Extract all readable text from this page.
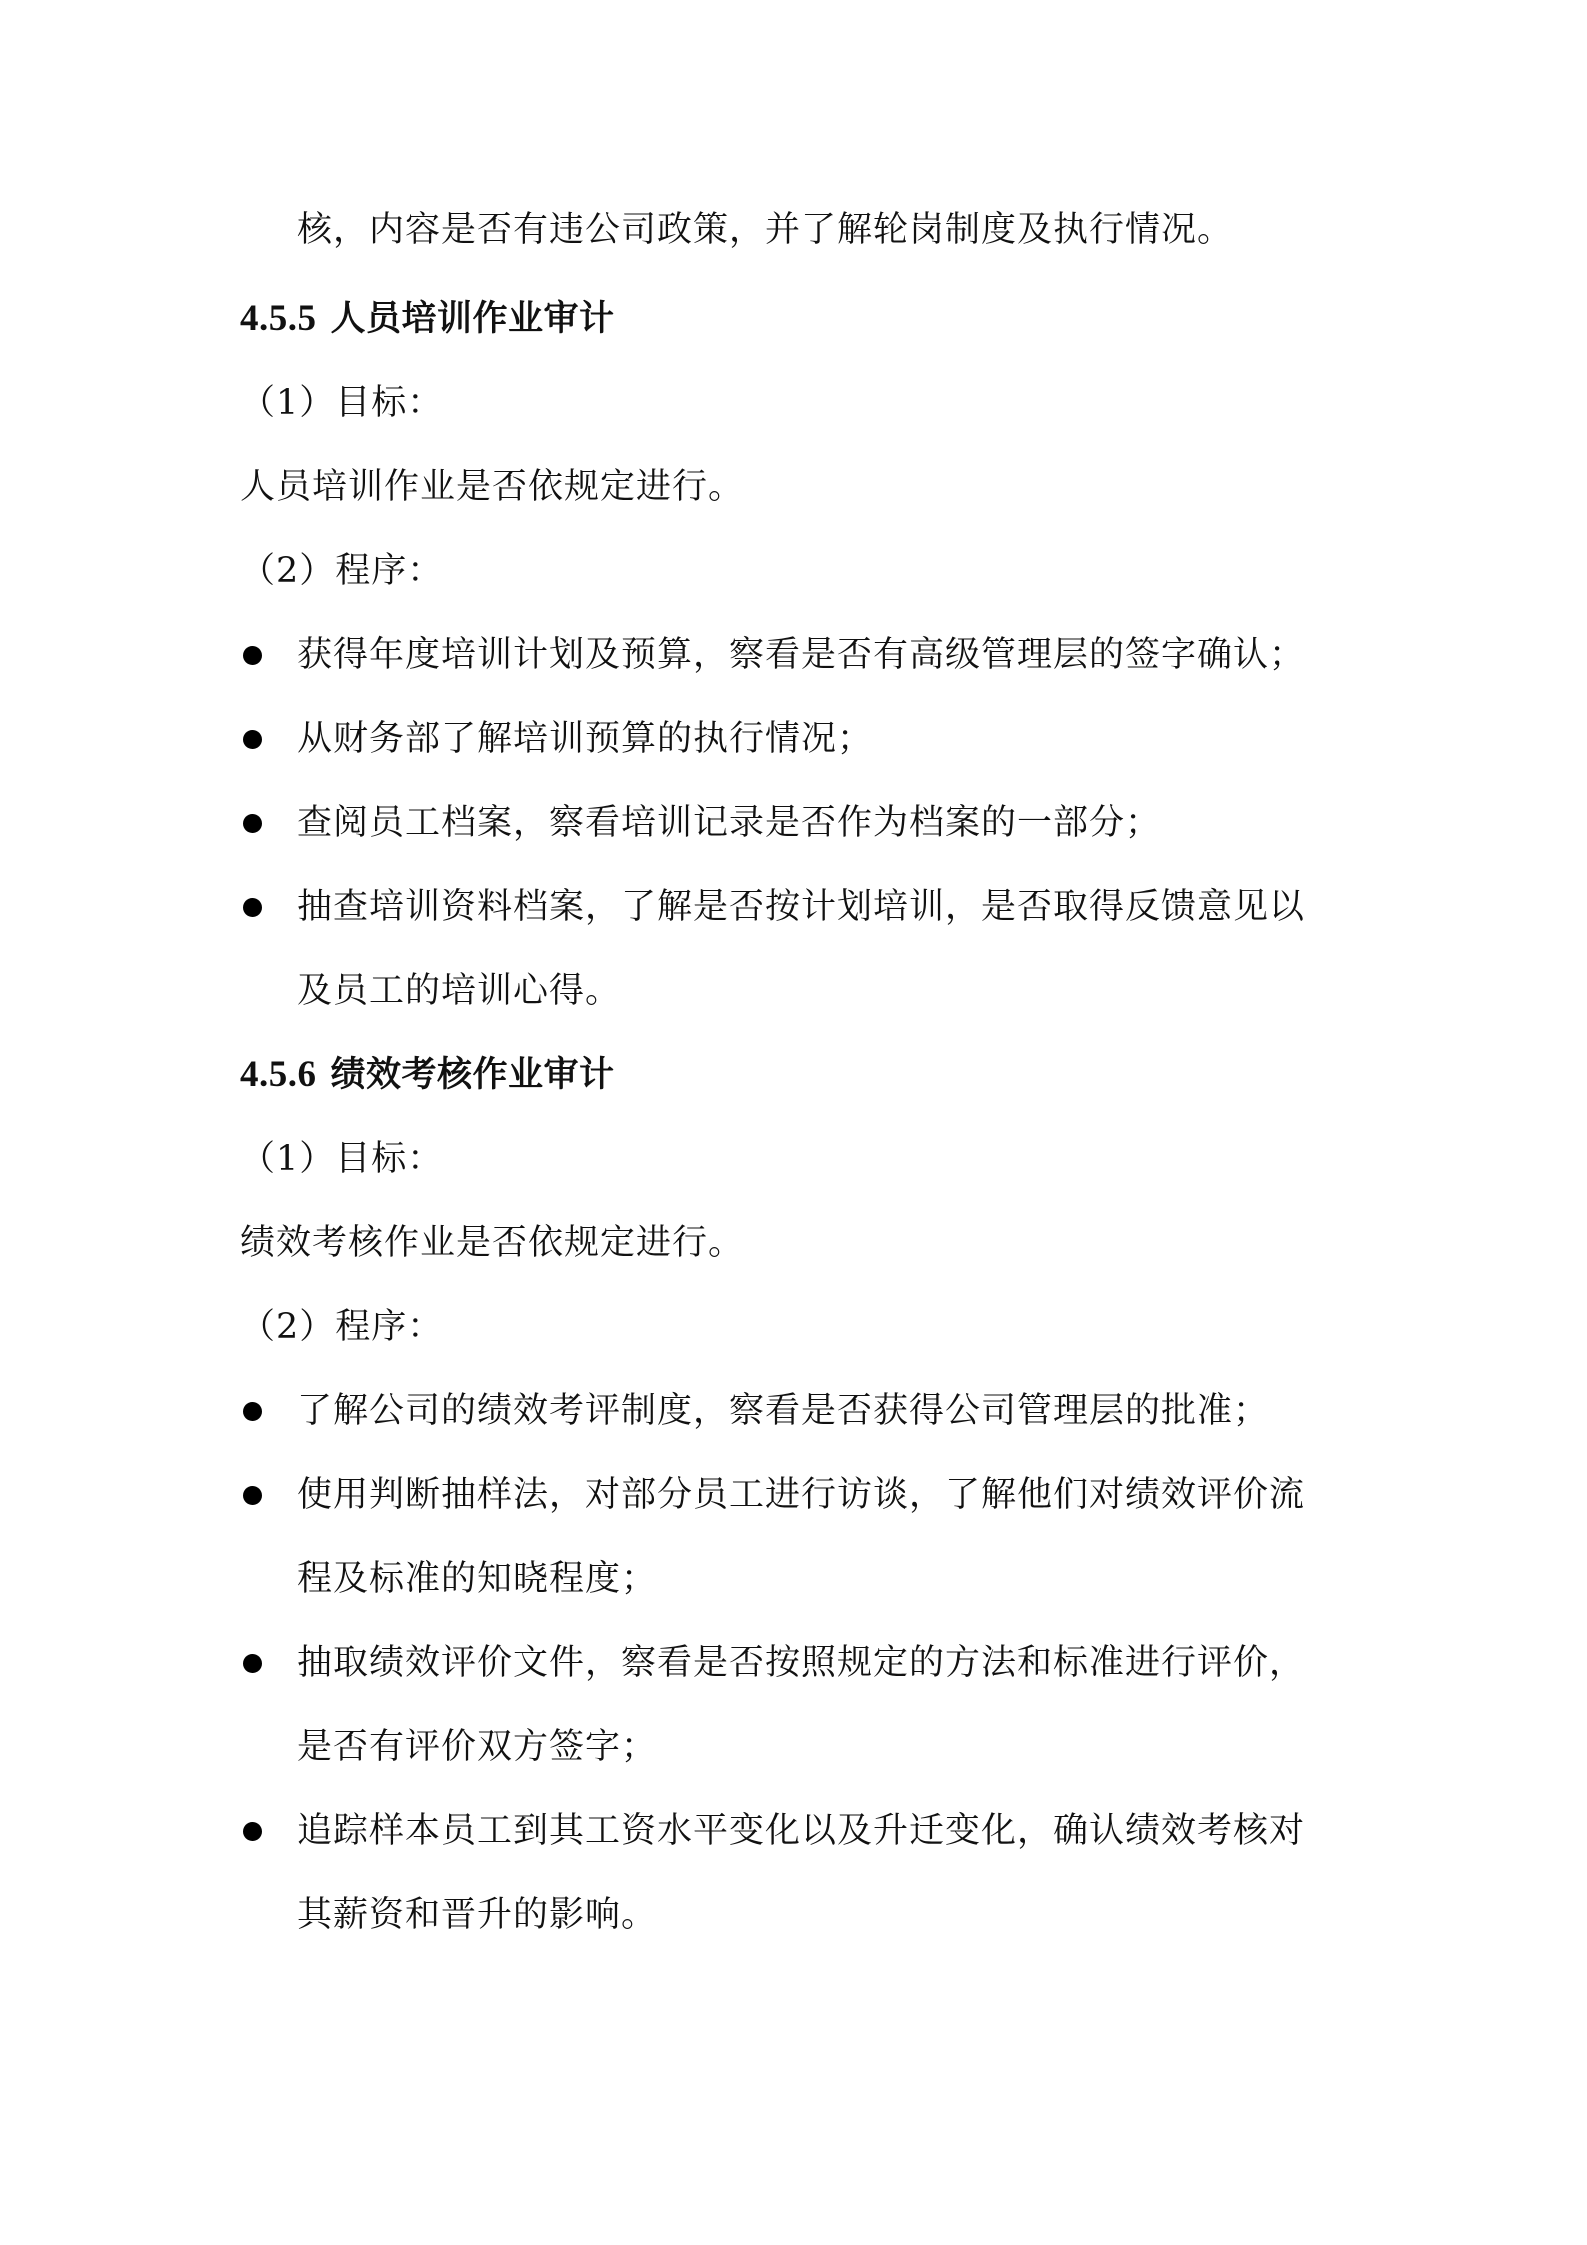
核，内容是否有违公司政策，并了解轮岗制度及执行情况。
4.5.5 人员培训作业审计
（1）目标：
人员培训作业是否依规定进行。
（2）程序：
获得年度培训计划及预算，察看是否有高级管理层的签字确认；
从财务部了解培训预算的执行情况；
查阅员工档案，察看培训记录是否作为档案的一部分；
抽查培训资料档案，了解是否按计划培训，是否取得反馈意见以
及员工的培训心得。
4.5.6 绩效考核作业审计
（1）目标：
绩效考核作业是否依规定进行。
（2）程序：
了解公司的绩效考评制度，察看是否获得公司管理层的批准；
使用判断抽样法，对部分员工进行访谈，了解他们对绩效评价流
程及标准的知晓程度；
抽取绩效评价文件，察看是否按照规定的方法和标准进行评价，
是否有评价双方签字；
追踪样本员工到其工资水平变化以及升迁变化，确认绩效考核对
其薪资和晋升的影响。
